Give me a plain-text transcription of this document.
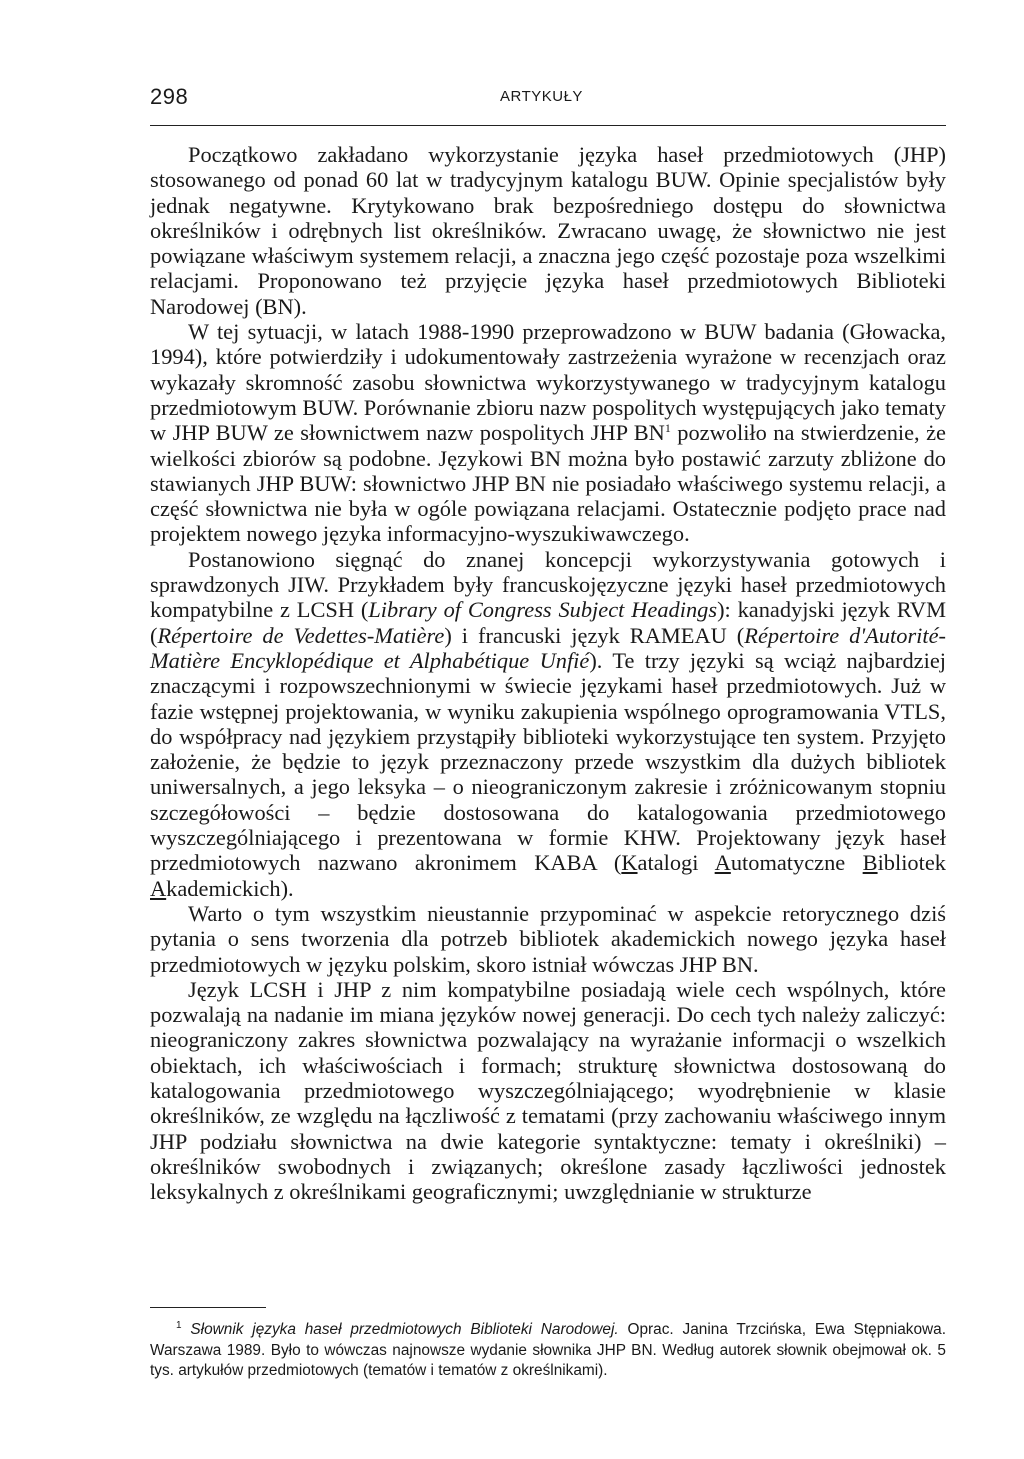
298	ARTYKUŁY

Początkowo zakładano wykorzystanie języka haseł przedmiotowych (JHP) stosowanego od ponad 60 lat w tradycyjnym katalogu BUW. Opinie specjalistów były jednak negatywne. Krytykowano brak bezpośredniego dostępu do słownictwa określników i odrębnych list określników. Zwracano uwagę, że słownictwo nie jest powiązane właściwym systemem relacji, a znaczna jego część pozostaje poza wszelkimi relacjami. Proponowano też przyjęcie języka haseł przedmiotowych Biblioteki Narodowej (BN).

W tej sytuacji, w latach 1988-1990 przeprowadzono w BUW badania (Głowacka, 1994), które potwierdziły i udokumentowały zastrzeżenia wyrażone w recenzjach oraz wykazały skromność zasobu słownictwa wykorzystywanego w tradycyjnym katalogu przedmiotowym BUW. Porównanie zbioru nazw pospolitych występujących jako tematy w JHP BUW ze słownictwem nazw pospolitych JHP $BN^1$ pozwoliło na stwierdzenie, że wielkości zbiorów są podobne. Językowi BN można było postawić zarzuty zbliżone do stawianych JHP BUW: słownictwo JHP BN nie posiadało właściwego systemu relacji, a część słownictwa nie była w ogóle powiązana relacjami. Ostatecznie podjęto prace nad projektem nowego języka informacyjno-wyszukiwawczego.

Postanowiono sięgnąć do znanej koncepcji wykorzystywania gotowych i sprawdzonych JIW. Przykładem były francuskojęzyczne języki haseł przedmiotowych kompatybilne z LCSH (Library of Congress Subject Headings): kanadyjski język RVM (Répertoire de Vedettes-Matière) i francuski język RAMEAU (Répertoire d'Autorité-Matière Encyklopédique et Alphabétique Unfié). Te trzy języki są wciąż najbardziej znaczącymi i rozpowszechnionymi w świecie językami haseł przedmiotowych. Już w fazie wstępnej projektowania, w wyniku zakupienia wspólnego oprogramowania VTLS, do współpracy nad językiem przystąpiły biblioteki wykorzystujące ten system. Przyjęto założenie, że będzie to język przeznaczony przede wszystkim dla dużych bibliotek uniwersalnych, a jego leksyka – o nieograniczonym zakresie i zróżnicowanym stopniu szczegółowości – będzie dostosowana do katalogowania przedmiotowego wyszczególniającego i prezentowana w formie KHW. Projektowany język haseł przedmiotowych nazwano akronimem KABA (Katalogi Automatyczne Bibliotek Akademickich).

Warto o tym wszystkim nieustannie przypominać w aspekcie retorycznego dziś pytania o sens tworzenia dla potrzeb bibliotek akademickich nowego języka haseł przedmiotowych w języku polskim, skoro istniał wówczas JHP BN.

Język LCSH i JHP z nim kompatybilne posiadają wiele cech wspólnych, które pozwalają na nadanie im miana języków nowej generacji. Do cech tych należy zaliczyć: nieograniczony zakres słownictwa pozwalający na wyrażanie informacji o wszelkich obiektach, ich właściwościach i formach; strukturę słownictwa dostosowaną do katalogowania przedmiotowego wyszczególniającego; wyodrębnienie w klasie określników, ze względu na łączliwość z tematami (przy zachowaniu właściwego innym JHP podziału słownictwa na dwie kategorie syntaktyczne: tematy i określniki) – określników swobodnych i związanych; określone zasady łączliwości jednostek leksykalnych z określnikami geograficznymi; uwzględnianie w strukturze

$^1$ Słownik języka haseł przedmiotowych Biblioteki Narodowej. Oprac. Janina Trzcińska, Ewa Stępniakowa. Warszawa 1989. Było to wówczas najnowsze wydanie słownika JHP BN. Według autorek słownik obejmował ok. 5 tys. artykułów przedmiotowych (tematów i tematów z określnikami).
